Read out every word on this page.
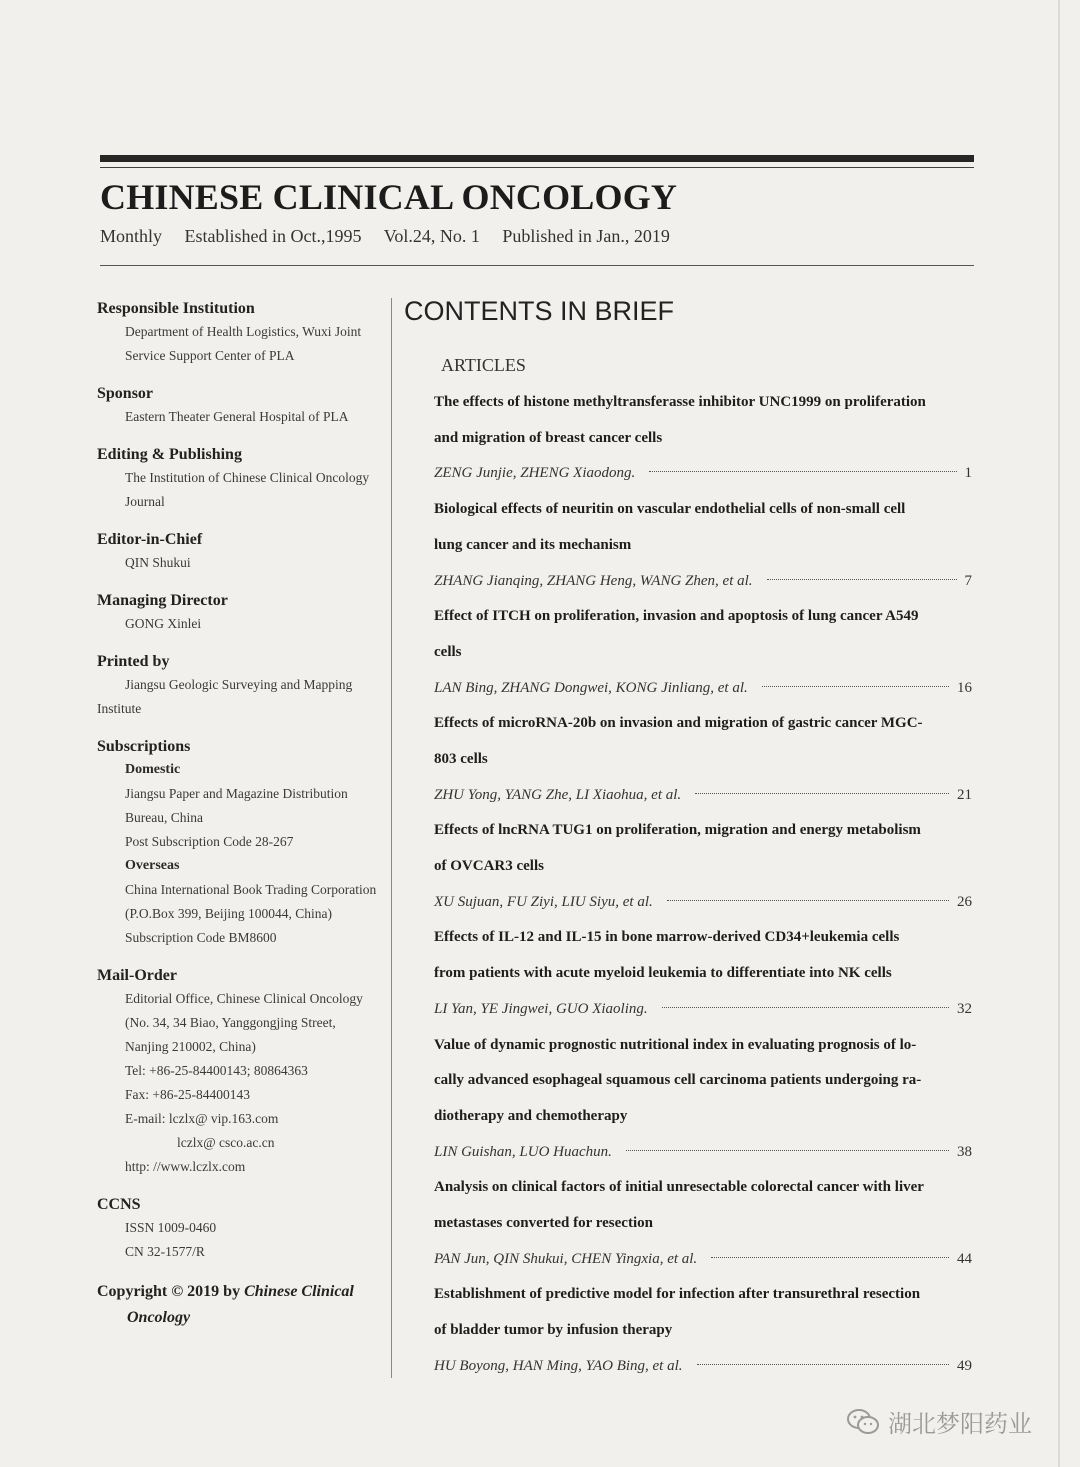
CHINESE CLINICAL ONCOLOGY
Monthly Established in Oct.,1995 Vol.24, No. 1 Published in Jan., 2019
Responsible Institution
Department of Health Logistics, Wuxi Joint
Service Support Center of PLA
Sponsor
Eastern Theater General Hospital of PLA
Editing & Publishing
The Institution of Chinese Clinical Oncology
Journal
Editor-in-Chief
QIN Shukui
Managing Director
GONG Xinlei
Printed by
Jiangsu Geologic Surveying and Mapping
Institute
Subscriptions
Domestic
Jiangsu Paper and Magazine Distribution
Bureau, China
Post Subscription Code 28-267
Overseas
China International Book Trading Corporation
(P.O.Box 399, Beijing 100044, China)
Subscription Code BM8600
Mail-Order
Editorial Office, Chinese Clinical Oncology
(No. 34, 34 Biao, Yanggongjing Street,
Nanjing 210002, China)
Tel: +86-25-84400143; 80864363
Fax: +86-25-84400143
E-mail: lczlx@ vip.163.com
lczlx@ csco.ac.cn
http: //www.lczlx.com
CCNS
ISSN 1009-0460
CN 32-1577/R
Copyright © 2019 by Chinese Clinical
Oncology
CONTENTS IN BRIEF
ARTICLES
The effects of histone methyltransferasse inhibitor UNC1999 on proliferation
and migration of breast cancer cells
ZENG Junjie, ZHENG Xiaodong.	1
Biological effects of neuritin on vascular endothelial cells of non-small cell
lung cancer and its mechanism
ZHANG Jianqing, ZHANG Heng, WANG Zhen, et al.	7
Effect of ITCH on proliferation, invasion and apoptosis of lung cancer A549
cells
LAN Bing, ZHANG Dongwei, KONG Jinliang, et al.	16
Effects of microRNA-20b on invasion and migration of gastric cancer MGC-
803 cells
ZHU Yong, YANG Zhe, LI Xiaohua, et al.	21
Effects of lncRNA TUG1 on proliferation, migration and energy metabolism
of OVCAR3 cells
XU Sujuan, FU Ziyi, LIU Siyu, et al.	26
Effects of IL-12 and IL-15 in bone marrow-derived CD34+leukemia cells
from patients with acute myeloid leukemia to differentiate into NK cells
LI Yan, YE Jingwei, GUO Xiaoling.	32
Value of dynamic prognostic nutritional index in evaluating prognosis of lo-
cally advanced esophageal squamous cell carcinoma patients undergoing ra-
diotherapy and chemotherapy
LIN Guishan, LUO Huachun.	38
Analysis on clinical factors of initial unresectable colorectal cancer with liver
metastases converted for resection
PAN Jun, QIN Shukui, CHEN Yingxia, et al.	44
Establishment of predictive model for infection after transurethral resection
of bladder tumor by infusion therapy
HU Boyong, HAN Ming, YAO Bing, et al.	49
湖北梦阳药业
